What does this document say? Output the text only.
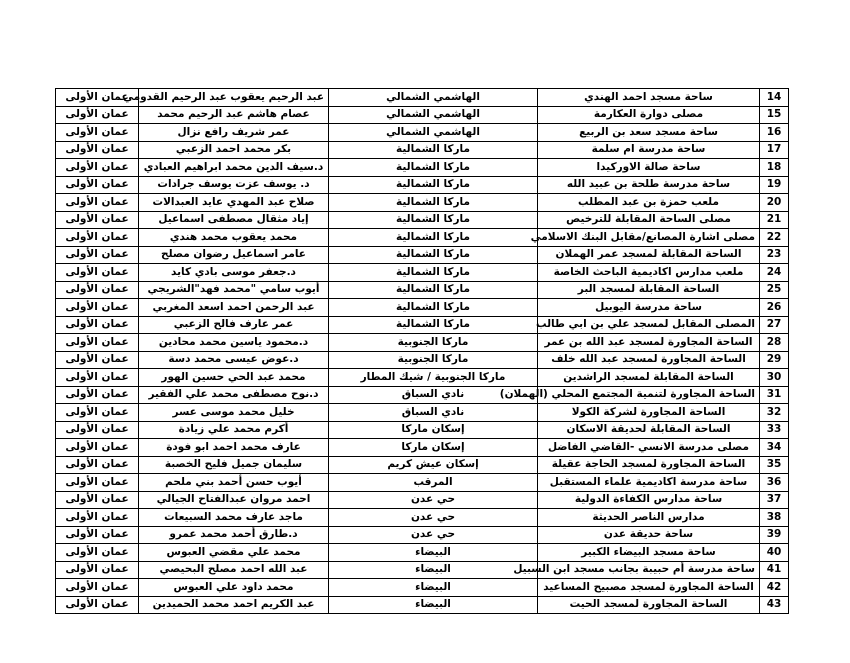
14	ساحة مسجد احمد الهندي	الهاشمي الشمالي	عبد الرحيم يعقوب عبد الرحيم القدومي	عمان الأولى
15	مصلى دوارة العكارمة	الهاشمي الشمالي	عصام هاشم عبد الرحيم محمد	عمان الأولى
16	ساحة مسجد سعد بن الربيع	الهاشمي الشمالي	عمر شريف رافع نزال	عمان الأولى
17	ساحة مدرسة ام سلمة	ماركا الشمالية	بكر محمد احمد الزعبي	عمان الأولى
18	ساحة صالة الاوركيدا	ماركا الشمالية	د.سيف الدين محمد ابراهيم العبادي	عمان الأولى
19	ساحة مدرسة طلحة بن عبيد الله	ماركا الشمالية	د. يوسف عزت يوسف جرادات	عمان الأولى
20	ملعب حمزة بن عبد المطلب	ماركا الشمالية	صلاح عبد المهدي عايد العبدالات	عمان الأولى
21	مصلى الساحة المقابلة للترخيص	ماركا الشمالية	إياد مثقال مصطفى اسماعيل	عمان الأولى
22	مصلى اشارة المصانع/مقابل البنك الاسلامي	ماركا الشمالية	محمد يعقوب محمد هندي	عمان الأولى
23	الساحة المقابلة لمسجد عمر الهملان	ماركا الشمالية	عامر اسماعيل رضوان مصلح	عمان الأولى
24	ملعب مدارس اكاديمية الباحث الخاصة	ماركا الشمالية	د.جعفر موسى بادي كايد	عمان الأولى
25	الساحة المقابلة لمسجد البر	ماركا الشمالية	أيوب سامي "محمد فهد"الشريجي	عمان الأولى
26	ساحة مدرسة اليوبيل	ماركا الشمالية	عبد الرحمن احمد اسعد المغربي	عمان الأولى
27	المصلى المقابل لمسجد علي بن ابي طالب	ماركا الشمالية	عمر عارف فالح الزعبي	عمان الأولى
28	الساحة المجاورة لمسجد عبد الله بن عمر	ماركا الجنوبية	د.محمود ياسين محمد محادين	عمان الأولى
29	الساحة المجاورة لمسجد عبد الله خلف	ماركا الجنوبية	د.عوض عيسى محمد دسة	عمان الأولى
30	الساحة المقابلة لمسجد الراشدين	ماركا الجنوبية / شيك المطار	محمد عبد الحي حسين الهور	عمان الأولى
31	الساحة المجاورة لتنمية المجتمع المحلي (الهملان)	نادي السباق	د.نوح مصطفى محمد علي الفقير	عمان الأولى
32	الساحة المجاورة لشركة الكولا	نادي السباق	خليل محمد موسى عسر	عمان الأولى
33	الساحة المقابلة لحديقة الاسكان	إسكان ماركا	أكرم محمد علي زيادة	عمان الأولى
34	مصلى مدرسة الانسي -القاضي الفاضل	إسكان ماركا	عارف محمد احمد ابو فودة	عمان الأولى
35	الساحة المجاورة لمسجد الحاجة عقيلة	إسكان عيش كريم	سليمان جميل فليح الخصبة	عمان الأولى
36	ساحة مدرسة اكاديمية علماء المستقبل	المرقب	أيوب حسن أحمد بني ملحم	عمان الأولى
37	ساحة مدارس الكفاءة الدولية	حي عدن	احمد مروان عبدالفتاح الجيالي	عمان الأولى
38	مدارس الناصر الحديثة	حي عدن	ماجد عارف محمد السبيعات	عمان الأولى
39	ساحة حديقة عدن	حي عدن	د.طارق أحمد محمد عمرو	عمان الأولى
40	ساحة مسجد البيضاء الكبير	البيضاء	محمد علي مقضي العبوس	عمان الأولى
41	ساحة مدرسة أم حبيبة بجانب مسجد ابن السبيل	البيضاء	عبد الله احمد مصلح البحيصي	عمان الأولى
42	الساحة المجاورة لمسجد مصبيح المساعيد	البيضاء	محمد داود علي العبوس	عمان الأولى
43	الساحة المجاورة لمسجد الحيت	البيضاء	عبد الكريم احمد محمد الحميدين	عمان الأولى
